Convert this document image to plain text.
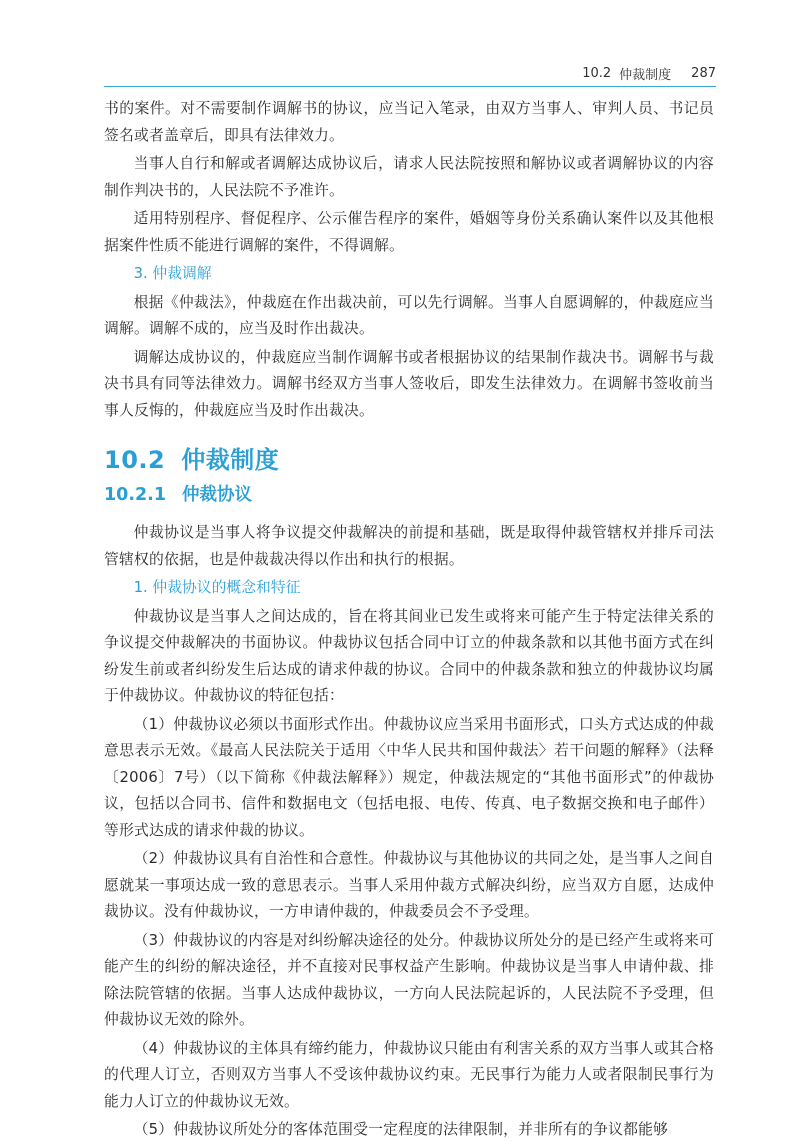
10.2 仲裁制度 287

书的案件。对不需要制作调解书的协议，应当记入笔录，由双方当事人、审判人员、书记员签名或者盖章后，即具有法律效力。

当事人自行和解或者调解达成协议后，请求人民法院按照和解协议或者调解协议的内容制作判决书的，人民法院不予准许。

适用特别程序、督促程序、公示催告程序的案件，婚姻等身份关系确认案件以及其他根据案件性质不能进行调解的案件，不得调解。

3. 仲裁调解

根据《仲裁法》，仲裁庭在作出裁决前，可以先行调解。当事人自愿调解的，仲裁庭应当调解。调解不成的，应当及时作出裁决。

调解达成协议的，仲裁庭应当制作调解书或者根据协议的结果制作裁决书。调解书与裁决书具有同等法律效力。调解书经双方当事人签收后，即发生法律效力。在调解书签收前当事人反悔的，仲裁庭应当及时作出裁决。

10.2 仲裁制度
10.2.1 仲裁协议

仲裁协议是当事人将争议提交仲裁解决的前提和基础，既是取得仲裁管辖权并排斥司法管辖权的依据，也是仲裁裁决得以作出和执行的根据。

1. 仲裁协议的概念和特征

仲裁协议是当事人之间达成的，旨在将其间业已发生或将来可能产生于特定法律关系的争议提交仲裁解决的书面协议。仲裁协议包括合同中订立的仲裁条款和以其他书面方式在纠纷发生前或者纠纷发生后达成的请求仲裁的协议。合同中的仲裁条款和独立的仲裁协议均属于仲裁协议。仲裁协议的特征包括：

（1）仲裁协议必须以书面形式作出。仲裁协议应当采用书面形式，口头方式达成的仲裁意思表示无效。《最高人民法院关于适用〈中华人民共和国仲裁法〉若干问题的解释》（法释〔2006〕7号）（以下简称《仲裁法解释》）规定，仲裁法规定的“其他书面形式”的仲裁协议，包括以合同书、信件和数据电文（包括电报、电传、传真、电子数据交换和电子邮件）等形式达成的请求仲裁的协议。

（2）仲裁协议具有自治性和合意性。仲裁协议与其他协议的共同之处，是当事人之间自愿就某一事项达成一致的意思表示。当事人采用仲裁方式解决纠纷，应当双方自愿，达成仲裁协议。没有仲裁协议，一方申请仲裁的，仲裁委员会不予受理。

（3）仲裁协议的内容是对纠纷解决途径的处分。仲裁协议所处分的是已经产生或将来可能产生的纠纷的解决途径，并不直接对民事权益产生影响。仲裁协议是当事人申请仲裁、排除法院管辖的依据。当事人达成仲裁协议，一方向人民法院起诉的，人民法院不予受理，但仲裁协议无效的除外。

（4）仲裁协议的主体具有缔约能力，仲裁协议只能由有利害关系的双方当事人或其合格的代理人订立，否则双方当事人不受该仲裁协议约束。无民事行为能力人或者限制民事行为能力人订立的仲裁协议无效。

（5）仲裁协议所处分的客体范围受一定程度的法律限制，并非所有的争议都能够
